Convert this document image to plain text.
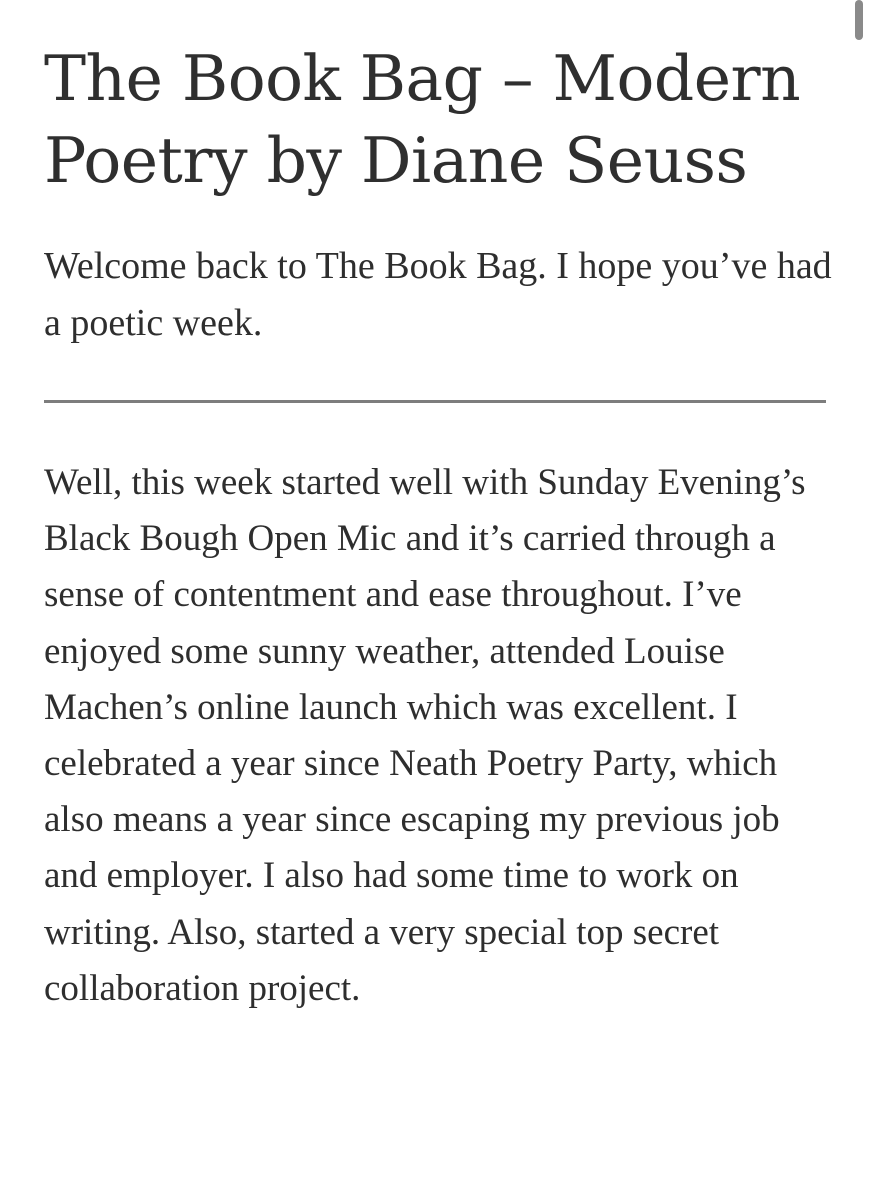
The Book Bag – Modern Poetry by Diane Seuss

Welcome back to The Book Bag. I hope you’ve had a poetic week.

Well, this week started well with Sunday Evening’s Black Bough Open Mic and it’s carried through a sense of contentment and ease throughout. I’ve enjoyed some sunny weather, attended Louise Machen’s online launch which was excellent. I celebrated a year since Neath Poetry Party, which also means a year since escaping my previous job and employer. I also had some time to work on writing. Also, started a very special top secret collaboration project.
